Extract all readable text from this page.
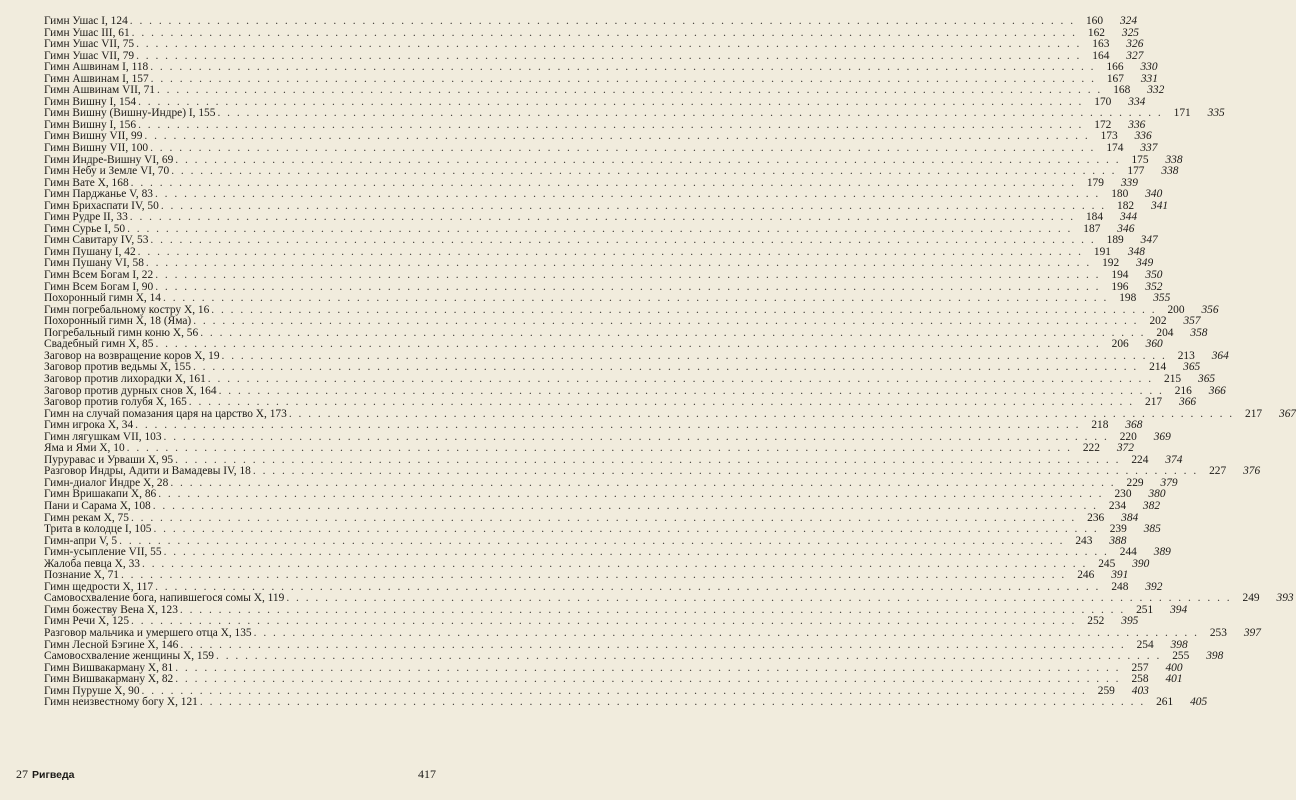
Гимн Ушас I, 124 . . .	160	324
Гимн Ушас III, 61 . . .	162	325
Гимн Ушас VII, 75 . . .	163	326
Гимн Ушас VII, 79 . . .	164	327
Гимн Ашвинам I, 118 . . .	166	330
Гимн Ашвинам I, 157 . . .	167	331
Гимн Ашвинам VII, 71 . . .	168	332
Гимн Вишну I, 154 . . .	170	334
Гимн Вишну (Вишну-Индре) I, 155 . . .	171	335
Гимн Вишну I, 156 . . .	172	336
Гимн Вишну VII, 99 . . .	173	336
Гимн Вишну VII, 100 . . .	174	337
Гимн Индре-Вишну VI, 69 . . .	175	338
Гимн Небу и Земле VI, 70 . . .	177	338
Гимн Вате X, 168 . . .	179	339
Гимн Парджанье V, 83 . . .	180	340
Гимн Брихаспати IV, 50 . . .	182	341
Гимн Рудре II, 33 . . .	184	344
Гимн Сурье I, 50 . . .	187	346
Гимн Савитару IV, 53 . . .	189	347
Гимн Пушану I, 42 . . .	191	348
Гимн Пушану VI, 58 . . .	192	349
Гимн Всем Богам I, 22 . . .	194	350
Гимн Всем Богам I, 90 . . .	196	352
Похоронный гимн X, 14 . . .	198	355
Гимн погребальному костру X, 16 . . .	200	356
Похоронный гимн X, 18 (Яма) . . .	202	357
Погребальный гимн коню X, 56 . . .	204	358
Свадебный гимн X, 85 . . .	206	360
Заговор на возвращение коров X, 19 . . .	213	364
Заговор против ведьмы X, 155 . . .	214	365
Заговор против лихорадки X, 161 . . .	215	365
Заговор против дурных снов X, 164 . . .	216	366
Заговор против голубя X, 165 . . .	217	366
Гимн на случай помазания царя на царство X, 173 . . .	217	367
Гимн игрока X, 34 . . .	218	368
Гимн лягушкам VII, 103 . . .	220	369
Яма и Ями X, 10 . . .	222	372
Пуруравас и Урваши X, 95 . . .	224	374
Разговор Индры, Адити и Вамадевы IV, 18 . . .	227	376
Гимн-диалог Индре X, 28 . . .	229	379
Гимн Вришакапи X, 86 . . .	230	380
Пани и Сарама X, 108 . . .	234	382
Гимн рекам X, 75 . . .	236	384
Трита в колодце I, 105 . . .	239	385
Гимн-апри V, 5 . . .	243	388
Гимн-усыпление VII, 55 . . .	244	389
Жалоба певца X, 33 . . .	245	390
Познание X, 71 . . .	246	391
Гимн щедрости X, 117 . . .	248	392
Самовосхваление бога, напившегося сомы X, 119 . . .	249	393
Гимн божеству Вена X, 123 . . .	251	394
Гимн Речи X, 125 . . .	252	395
Разговор мальчика и умершего отца X, 135 . . .	253	397
Гимн Лесной Бэгине X, 146 . . .	254	398
Самовосхваление женщины X, 159 . . .	255	398
Гимн Вишвакарману X, 81 . . .	257	400
Гимн Вишвакарману X, 82 . . .	258	401
Гимн Пуруше X, 90 . . .	259	403
Гимн неизвестному богу X, 121 . . .	261	405
27 Ригведа	417
